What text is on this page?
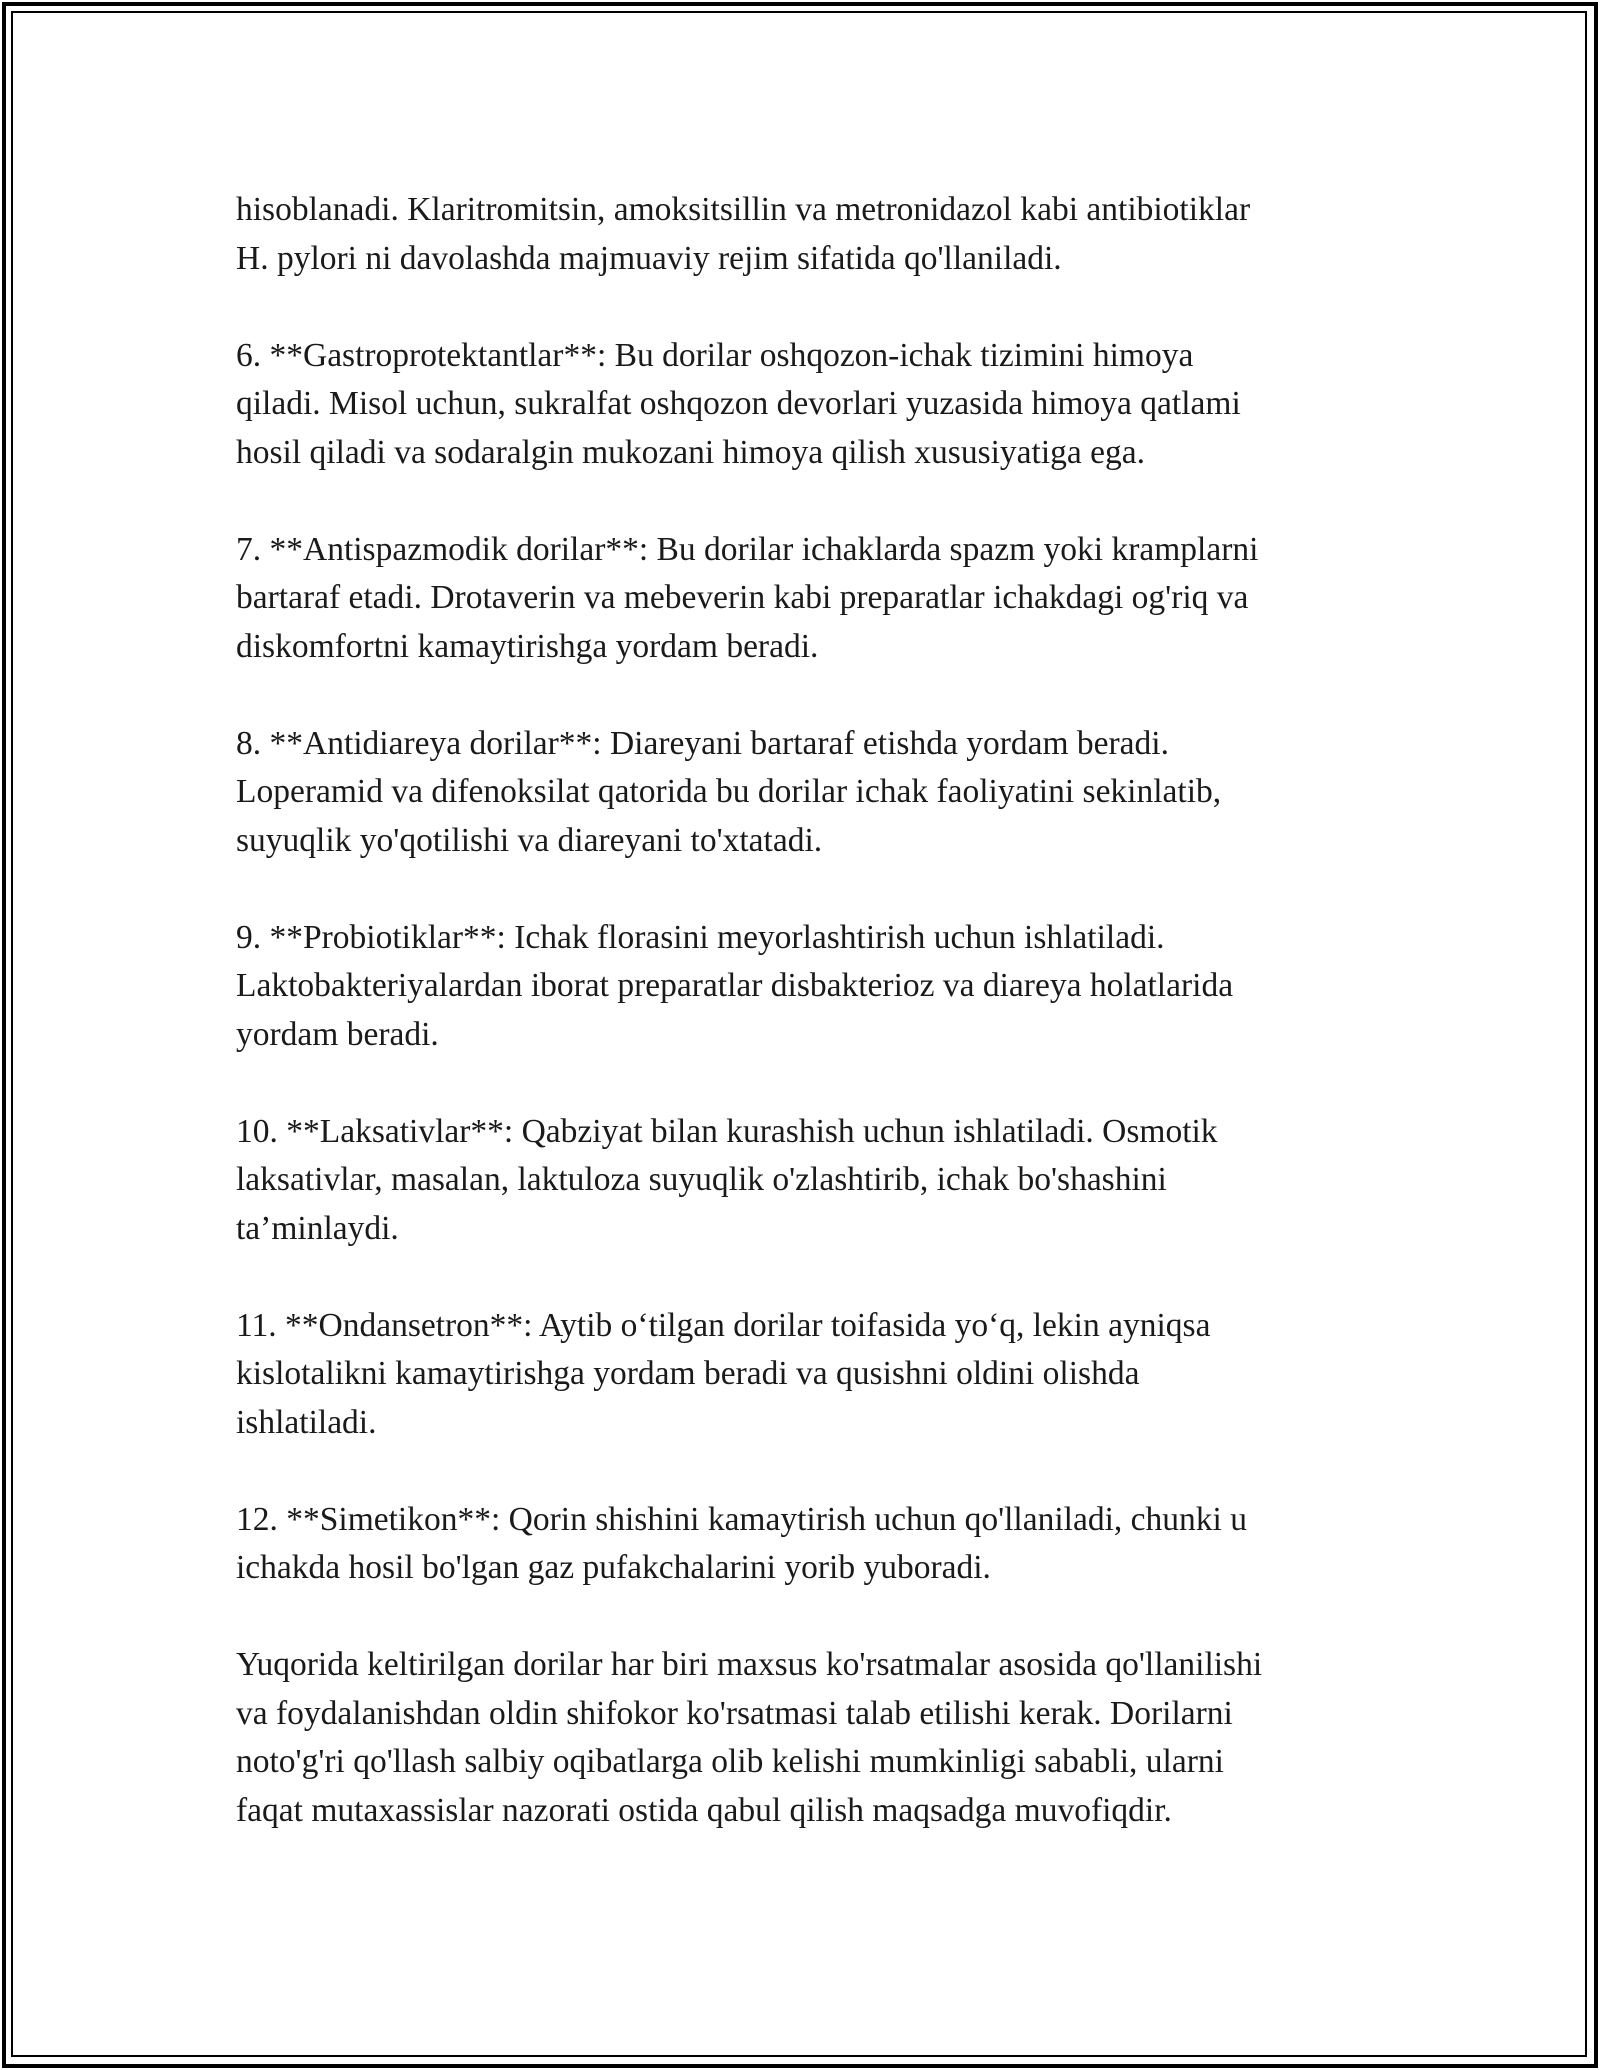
hisoblanadi. Klaritromitsin, amoksitsillin va metronidazol kabi antibiotiklar
H. pylori ni davolashda majmuaviy rejim sifatida qo'llaniladi.

6. **Gastroprotektantlar**: Bu dorilar oshqozon-ichak tizimini himoya
qiladi. Misol uchun, sukralfat oshqozon devorlari yuzasida himoya qatlami
hosil qiladi va sodaralgin mukozani himoya qilish xususiyatiga ega.

7. **Antispazmodik dorilar**: Bu dorilar ichaklarda spazm yoki kramplarni
bartaraf etadi. Drotaverin va mebeverin kabi preparatlar ichakdagi og'riq va
diskomfortni kamaytirishga yordam beradi.

8. **Antidiareya dorilar**: Diareyani bartaraf etishda yordam beradi.
Loperamid va difenoksilat qatorida bu dorilar ichak faoliyatini sekinlatib,
suyuqlik yo'qotilishi va diareyani to'xtatadi.

9. **Probiotiklar**: Ichak florasini meyorlashtirish uchun ishlatiladi.
Laktobakteriyalardan iborat preparatlar disbakterioz va diareya holatlarida
yordam beradi.

10. **Laksativlar**: Qabziyat bilan kurashish uchun ishlatiladi. Osmotik
laksativlar, masalan, laktuloza suyuqlik o'zlashtirib, ichak bo'shashini
ta’minlaydi.

11. **Ondansetron**: Aytib o‘tilgan dorilar toifasida yo‘q, lekin ayniqsa
kislotalikni kamaytirishga yordam beradi va qusishni oldini olishda
ishlatiladi.

12. **Simetikon**: Qorin shishini kamaytirish uchun qo'llaniladi, chunki u
ichakda hosil bo'lgan gaz pufakchalarini yorib yuboradi.

Yuqorida keltirilgan dorilar har biri maxsus ko'rsatmalar asosida qo'llanilishi
va foydalanishdan oldin shifokor ko'rsatmasi talab etilishi kerak. Dorilarni
noto'g'ri qo'llash salbiy oqibatlarga olib kelishi mumkinligi sababli, ularni
faqat mutaxassislar nazorati ostida qabul qilish maqsadga muvofiqdir.
